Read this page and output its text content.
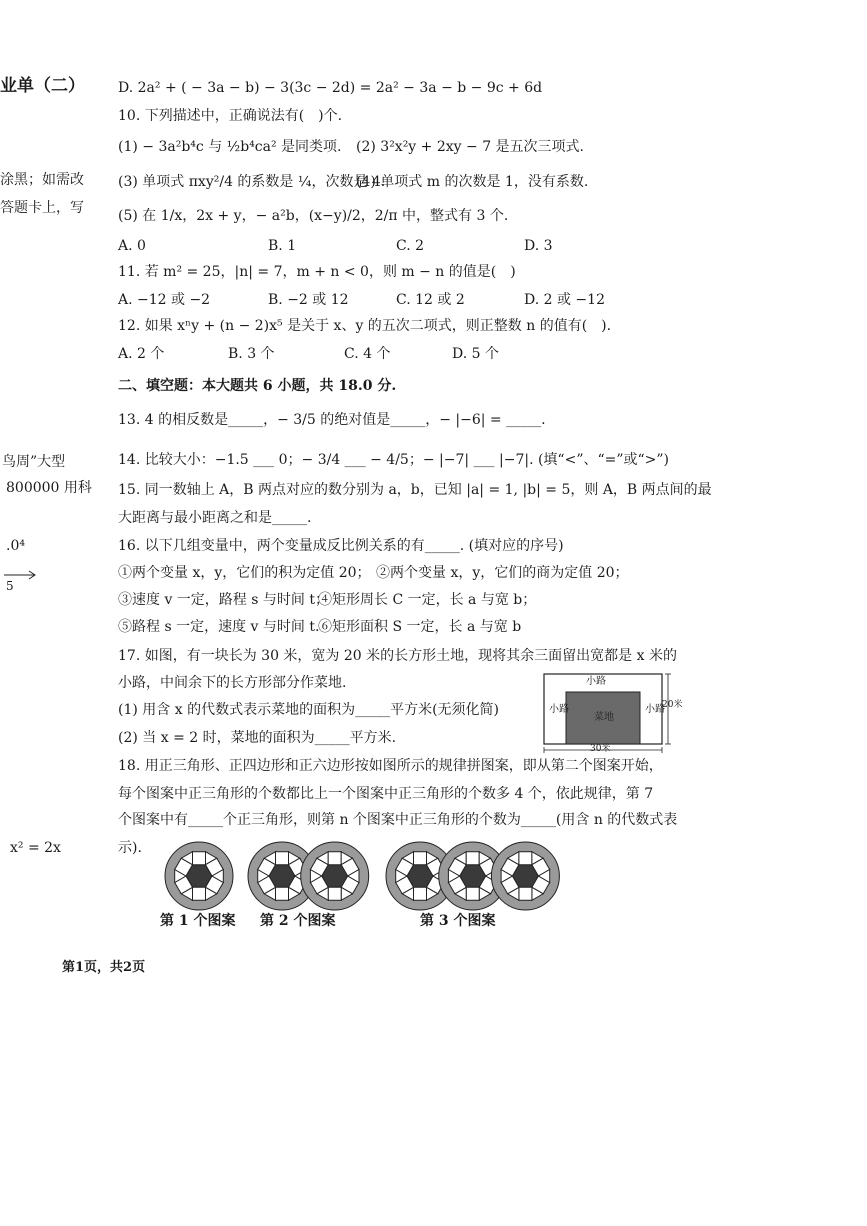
业单（二）
涂黑；如需改
答题卡上，写
鸟周”大型
800000 用科
.0⁴
5
x² = 2x
D. 2a² + ( − 3a − b) − 3(3c − 2d) = 2a² − 3a − b − 9c + 6d
10. 下列描述中，正确说法有(　)个.
(1) − 3a²b⁴c 与 ½b⁴ca² 是同类项. (2) 3²x²y + 2xy − 7 是五次三项式.
(3) 单项式 πxy²/4 的系数是 ¼，次数是 4.
(4) 单项式 m 的次数是 1，没有系数.
(5) 在 1/x，2x + y，− a²b，(x−y)/2，2/π 中，整式有 3 个.
A. 0	B. 1	C. 2	D. 3
11. 若 m² = 25，|n| = 7，m + n < 0，则 m − n 的值是(　)
A. −12 或 −2	B. −2 或 12	C. 12 或 2	D. 2 或 −12
12. 如果 xⁿy + (n − 2)x⁵ 是关于 x、y 的五次二项式，则正整数 n 的值有(　).
A. 2 个	B. 3 个	C. 4 个	D. 5 个
二、填空题：本大题共 6 小题，共 18.0 分.
13. 4 的相反数是_____，− 3/5 的绝对值是_____，− |−6| = _____.
14. 比较大小：−1.5 ___ 0；− 3/4 ___ − 4/5；− |−7| ___ |−7|. (填“<”、“=”或“>”)
15. 同一数轴上 A，B 两点对应的数分别为 a，b，已知 |a| = 1, |b| = 5，则 A，B 两点间的最
大距离与最小距离之和是_____.
16. 以下几组变量中，两个变量成反比例关系的有_____. (填对应的序号)
①两个变量 x，y，它们的积为定值 20； ②两个变量 x，y，它们的商为定值 20；
③速度 v 一定，路程 s 与时间 t；
④矩形周长 C 一定，长 a 与宽 b；
⑤路程 s 一定，速度 v 与时间 t.
⑥矩形面积 S 一定，长 a 与宽 b
17. 如图，有一块长为 30 米，宽为 20 米的长方形土地，现将其余三面留出宽都是 x 米的
小路，中间余下的长方形部分作菜地.
(1) 用含 x 的代数式表示菜地的面积为_____平方米(无须化简)
(2) 当 x = 2 时，菜地的面积为_____平方米.
小路
小路	小路
菜地
30米
20米
18. 用正三角形、正四边形和正六边形按如图所示的规律拼图案，即从第二个图案开始，
每个图案中正三角形的个数都比上一个图案中正三角形的个数多 4 个，依此规律，第 7
个图案中有_____个正三角形，则第 n 个图案中正三角形的个数为_____(用含 n 的代数式表
示).
第 1 个图案 第 2 个图案	第 3 个图案
第1页，共2页
